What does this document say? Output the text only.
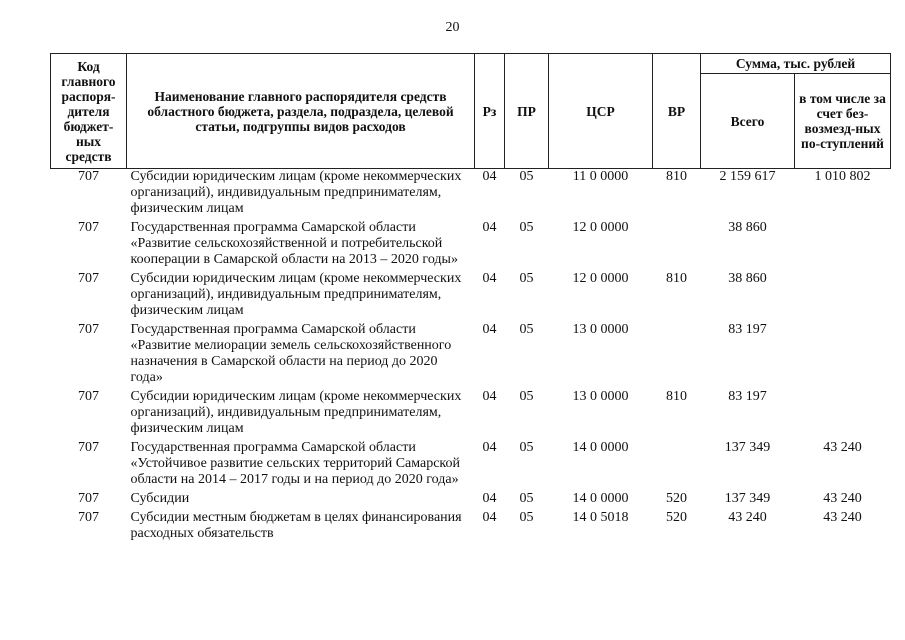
20
Код главного распоря-дителя бюджет-ных средств	Наименование главного распорядителя средств областного бюджета, раздела, подраздела, целевой статьи, подгруппы видов расходов	Рз	ПР	ЦСР	ВР	Сумма, тыс. рублей	
						Всего	в том числе за счет без-возмезд-ных по-ступлений
707	Субсидии юридическим лицам (кроме некоммерческих организаций), индивидуальным предпринимателям, физическим лицам	04	05	11 0 0000	810	2 159 617	1 010 802
707	Государственная программа Самарской области «Развитие сельскохозяйственной и потребительской кооперации в Самарской области на 2013 – 2020 годы»	04	05	12 0 0000		38 860	
707	Субсидии юридическим лицам (кроме некоммерческих организаций), индивидуальным предпринимателям, физическим лицам	04	05	12 0 0000	810	38 860	
707	Государственная программа Самарской области «Развитие мелиорации земель сельскохозяйственного назначения в Самарской области на период до 2020 года»	04	05	13 0 0000		83 197	
707	Субсидии юридическим лицам (кроме некоммерческих организаций), индивидуальным предпринимателям, физическим лицам	04	05	13 0 0000	810	83 197	
707	Государственная программа Самарской области «Устойчивое развитие сельских территорий Самарской области на 2014 – 2017 годы и на период до 2020 года»	04	05	14 0 0000		137 349	43 240
707	Субсидии	04	05	14 0 0000	520	137 349	43 240
707	Субсидии местным бюджетам в целях финансирования расходных обязательств	04	05	14 0 5018	520	43 240	43 240
